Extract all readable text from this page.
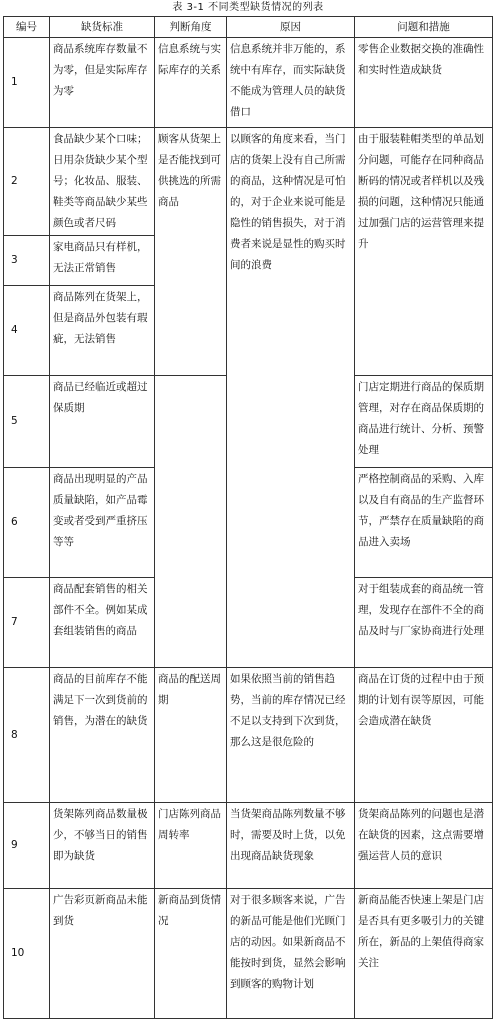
表 3-1 不同类型缺货情况的列表
编号	缺货标准	判断角度	原因	问题和措施
1	商品系统库存数量不为零，但是实际库存为零	信息系统与实际库存的关系	信息系统并非万能的，系统中有库存，而实际缺货不能成为管理人员的缺货借口	零售企业数据交换的准确性和实时性造成缺货
2	食品缺少某个口味；日用杂货缺少某个型号；化妆品、服装、鞋类等商品缺少某些颜色或者尺码	顾客从货架上是否能找到可供挑选的所需商品	以顾客的角度来看，当门店的货架上没有自己所需的商品，这种情况是可怕的，对于企业来说可能是隐性的销售损失，对于消费者来说是显性的购买时间的浪费	由于服装鞋帽类型的单品划分问题，可能存在同种商品断码的情况或者样机以及残损的问题，这种情况只能通过加强门店的运营管理来提升
3	家电商品只有样机，无法正常销售			
4	商品陈列在货架上，但是商品外包装有瑕疵，无法销售			
5	商品已经临近或超过保质期			门店定期进行商品的保质期管理，对存在商品保质期的商品进行统计、分析、预警处理
6	商品出现明显的产品质量缺陷，如产品霉变或者受到严重挤压等等			严格控制商品的采购、入库以及自有商品的生产监督环节，严禁存在质量缺陷的商品进入卖场
7	商品配套销售的相关部件不全。例如某成套组装销售的商品			对于组装成套的商品统一管理，发现存在部件不全的商品及时与厂家协商进行处理
8	商品的目前库存不能满足下一次到货前的销售，为潜在的缺货	商品的配送周期	如果依照当前的销售趋势，当前的库存情况已经不足以支持到下次到货，那么这是很危险的	商品在订货的过程中由于预期的计划有误等原因，可能会造成潜在缺货
9	货架陈列商品数量极少，不够当日的销售即为缺货	门店陈列商品周转率	当货架商品陈列数量不够时，需要及时上货，以免出现商品缺货现象	货架商品陈列的问题也是潜在缺货的因素，这点需要增强运营人员的意识
10	广告彩页新商品未能到货	新商品到货情况	对于很多顾客来说，广告的新品可能是他们光顾门店的动因。如果新商品不能按时到货，显然会影响到顾客的购物计划	新商品能否快速上架是门店是否具有更多吸引力的关键所在，新品的上架值得商家关注
